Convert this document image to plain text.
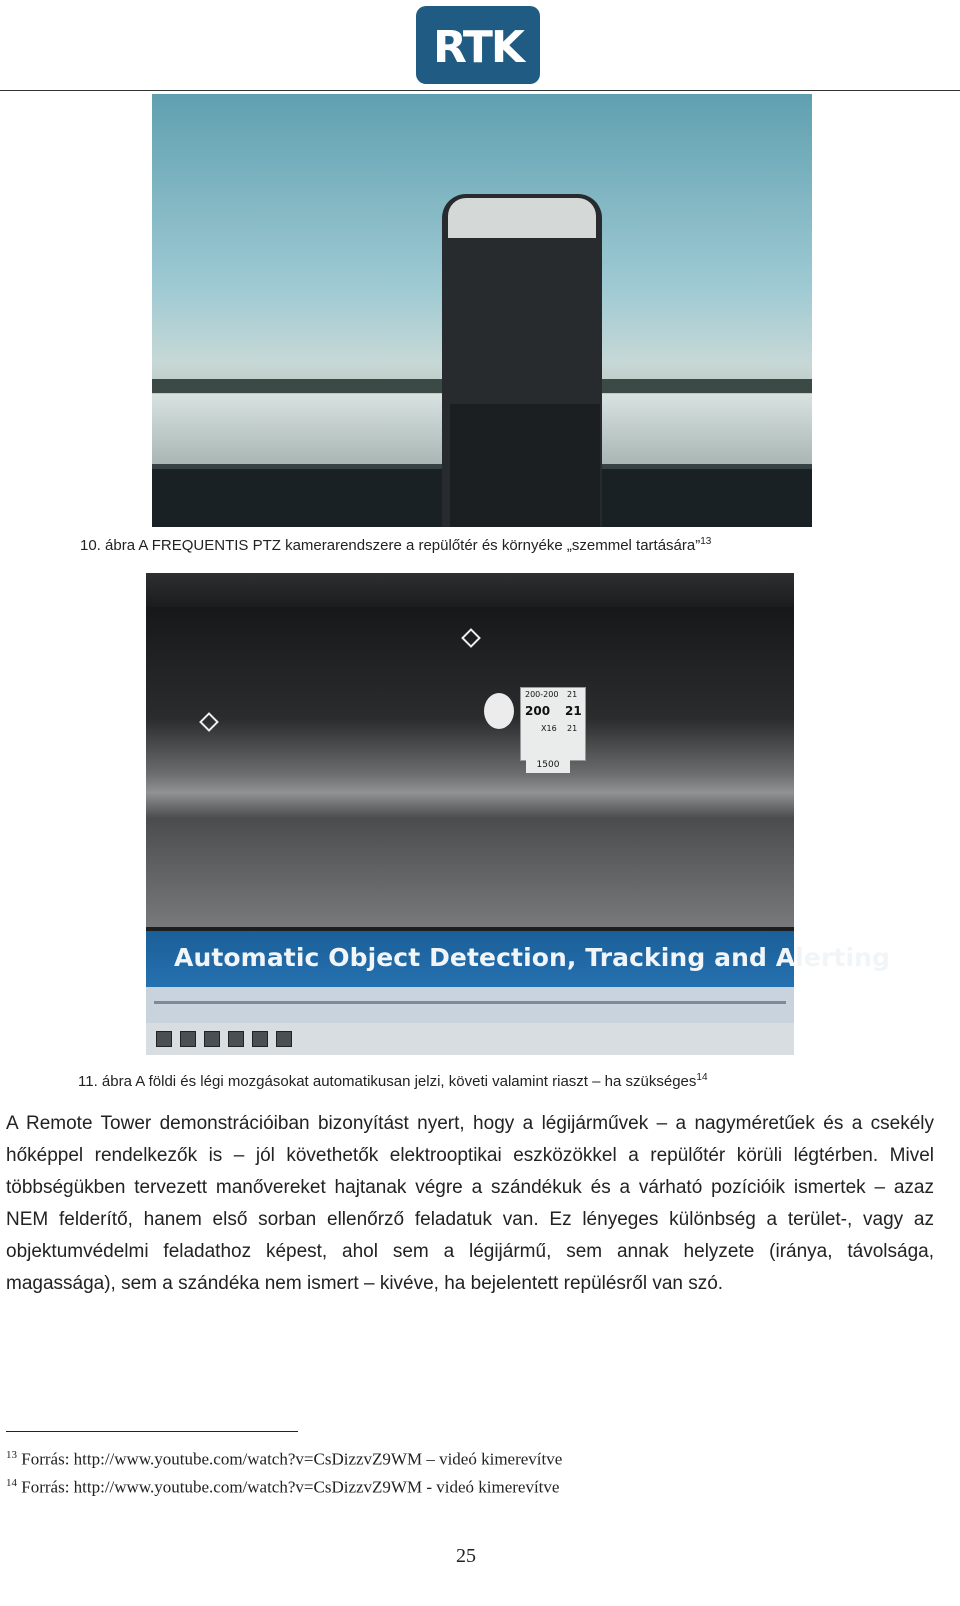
RTK
10. ábra A FREQUENTIS PTZ kamerarendszere a repülőtér és környéke „szemmel tartására”$^{13}$
200-200 21
200 21
X16 21
1500
Automatic Object Detection, Tracking and Alerting
11. ábra A földi és légi mozgásokat automatikusan jelzi, követi valamint riaszt – ha szükséges$^{14}$
A Remote Tower demonstrációiban bizonyítást nyert, hogy a légijárművek – a nagyméretűek és a csekély hőképpel rendelkezők is – jól követhetők elektrooptikai eszközökkel a repülőtér körüli légtérben. Mivel többségükben tervezett manővereket hajtanak végre a szándékuk és a várható pozícióik ismertek – azaz NEM felderítő, hanem első sorban ellenőrző feladatuk van. Ez lényeges különbség a terület-, vagy az objektumvédelmi feladathoz képest, ahol sem a légijármű, sem annak helyzete (iránya, távolsága, magassága), sem a szándéka nem ismert – kivéve, ha bejelentett repülésről van szó.
$^{13}$ Forrás: http://www.youtube.com/watch?v=CsDizzvZ9WM – videó kimerevítve
$^{14}$ Forrás: http://www.youtube.com/watch?v=CsDizzvZ9WM - videó kimerevítve
25
